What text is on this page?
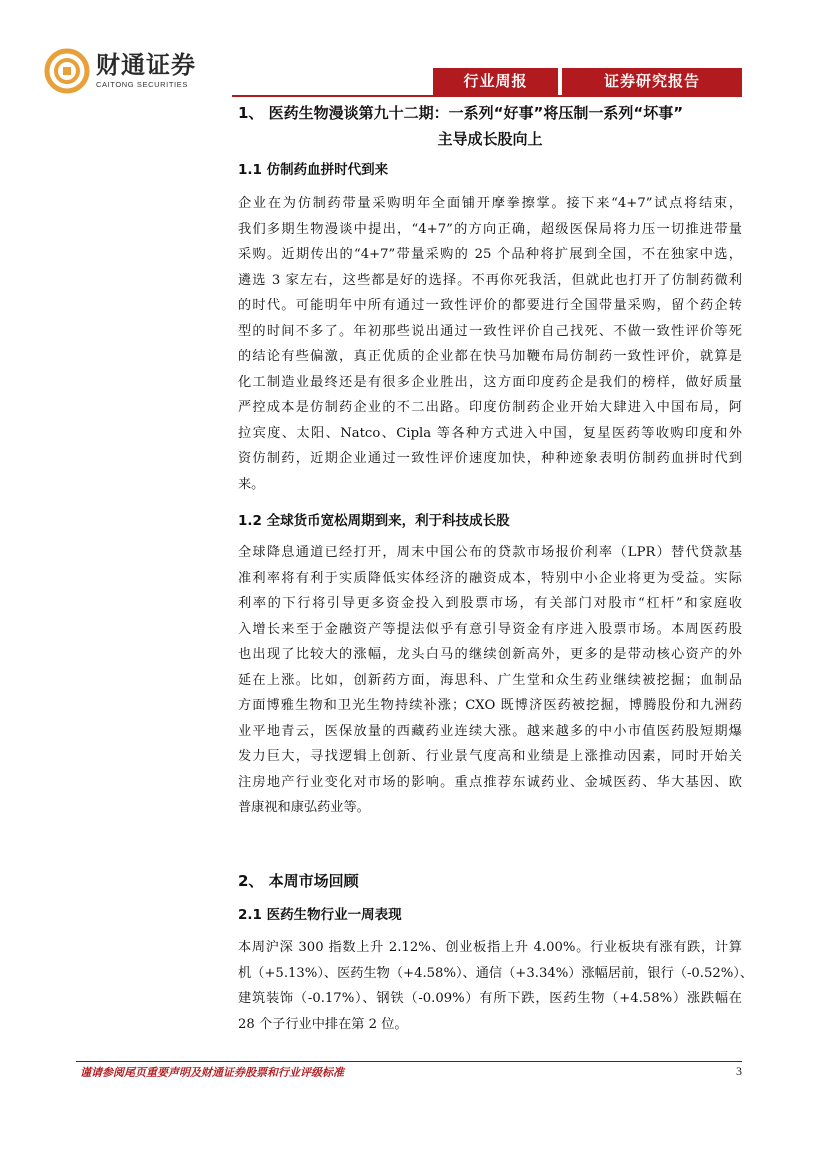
财通证券
CAITONG SECURITIES	行业周报	证券研究报告
1、 医药生物漫谈第九十二期：一系列“好事”将压制一系列“坏事”
主导成长股向上
1.1 仿制药血拼时代到来
企业在为仿制药带量采购明年全面铺开摩拳擦掌。接下来“4+7”试点将结束，
我们多期生物漫谈中提出，“4+7”的方向正确，超级医保局将力压一切推进带量
采购。近期传出的“4+7”带量采购的 25 个品种将扩展到全国，不在独家中选，
遴选 3 家左右，这些都是好的选择。不再你死我活，但就此也打开了仿制药微利
的时代。可能明年中所有通过一致性评价的都要进行全国带量采购，留个药企转
型的时间不多了。年初那些说出通过一致性评价自己找死、不做一致性评价等死
的结论有些偏激，真正优质的企业都在快马加鞭布局仿制药一致性评价，就算是
化工制造业最终还是有很多企业胜出，这方面印度药企是我们的榜样，做好质量
严控成本是仿制药企业的不二出路。印度仿制药企业开始大肆进入中国布局，阿
拉宾度、太阳、Natco、Cipla 等各种方式进入中国，复星医药等收购印度和外
资仿制药，近期企业通过一致性评价速度加快，种种迹象表明仿制药血拼时代到
来。
1.2 全球货币宽松周期到来，利于科技成长股
全球降息通道已经打开，周末中国公布的贷款市场报价利率（LPR）替代贷款基
准利率将有利于实质降低实体经济的融资成本，特别中小企业将更为受益。实际
利率的下行将引导更多资金投入到股票市场，有关部门对股市“杠杆”和家庭收
入增长来至于金融资产等提法似乎有意引导资金有序进入股票市场。本周医药股
也出现了比较大的涨幅，龙头白马的继续创新高外，更多的是带动核心资产的外
延在上涨。比如，创新药方面，海思科、广生堂和众生药业继续被挖掘；血制品
方面博雅生物和卫光生物持续补涨；CXO 既博济医药被挖掘，博腾股份和九洲药
业平地青云，医保放量的西藏药业连续大涨。越来越多的中小市值医药股短期爆
发力巨大，寻找逻辑上创新、行业景气度高和业绩是上涨推动因素，同时开始关
注房地产行业变化对市场的影响。重点推荐东诚药业、金城医药、华大基因、欧
普康视和康弘药业等。
2、 本周市场回顾
2.1 医药生物行业一周表现
本周沪深 300 指数上升 2.12%、创业板指上升 4.00%。行业板块有涨有跌，计算
机（+5.13%）、医药生物（+4.58%）、通信（+3.34%）涨幅居前，银行（-0.52%）、
建筑装饰（-0.17%）、钢铁（-0.09%）有所下跌，医药生物（+4.58%）涨跌幅在
28 个子行业中排在第 2 位。
谨请参阅尾页重要声明及财通证券股票和行业评级标准	3
